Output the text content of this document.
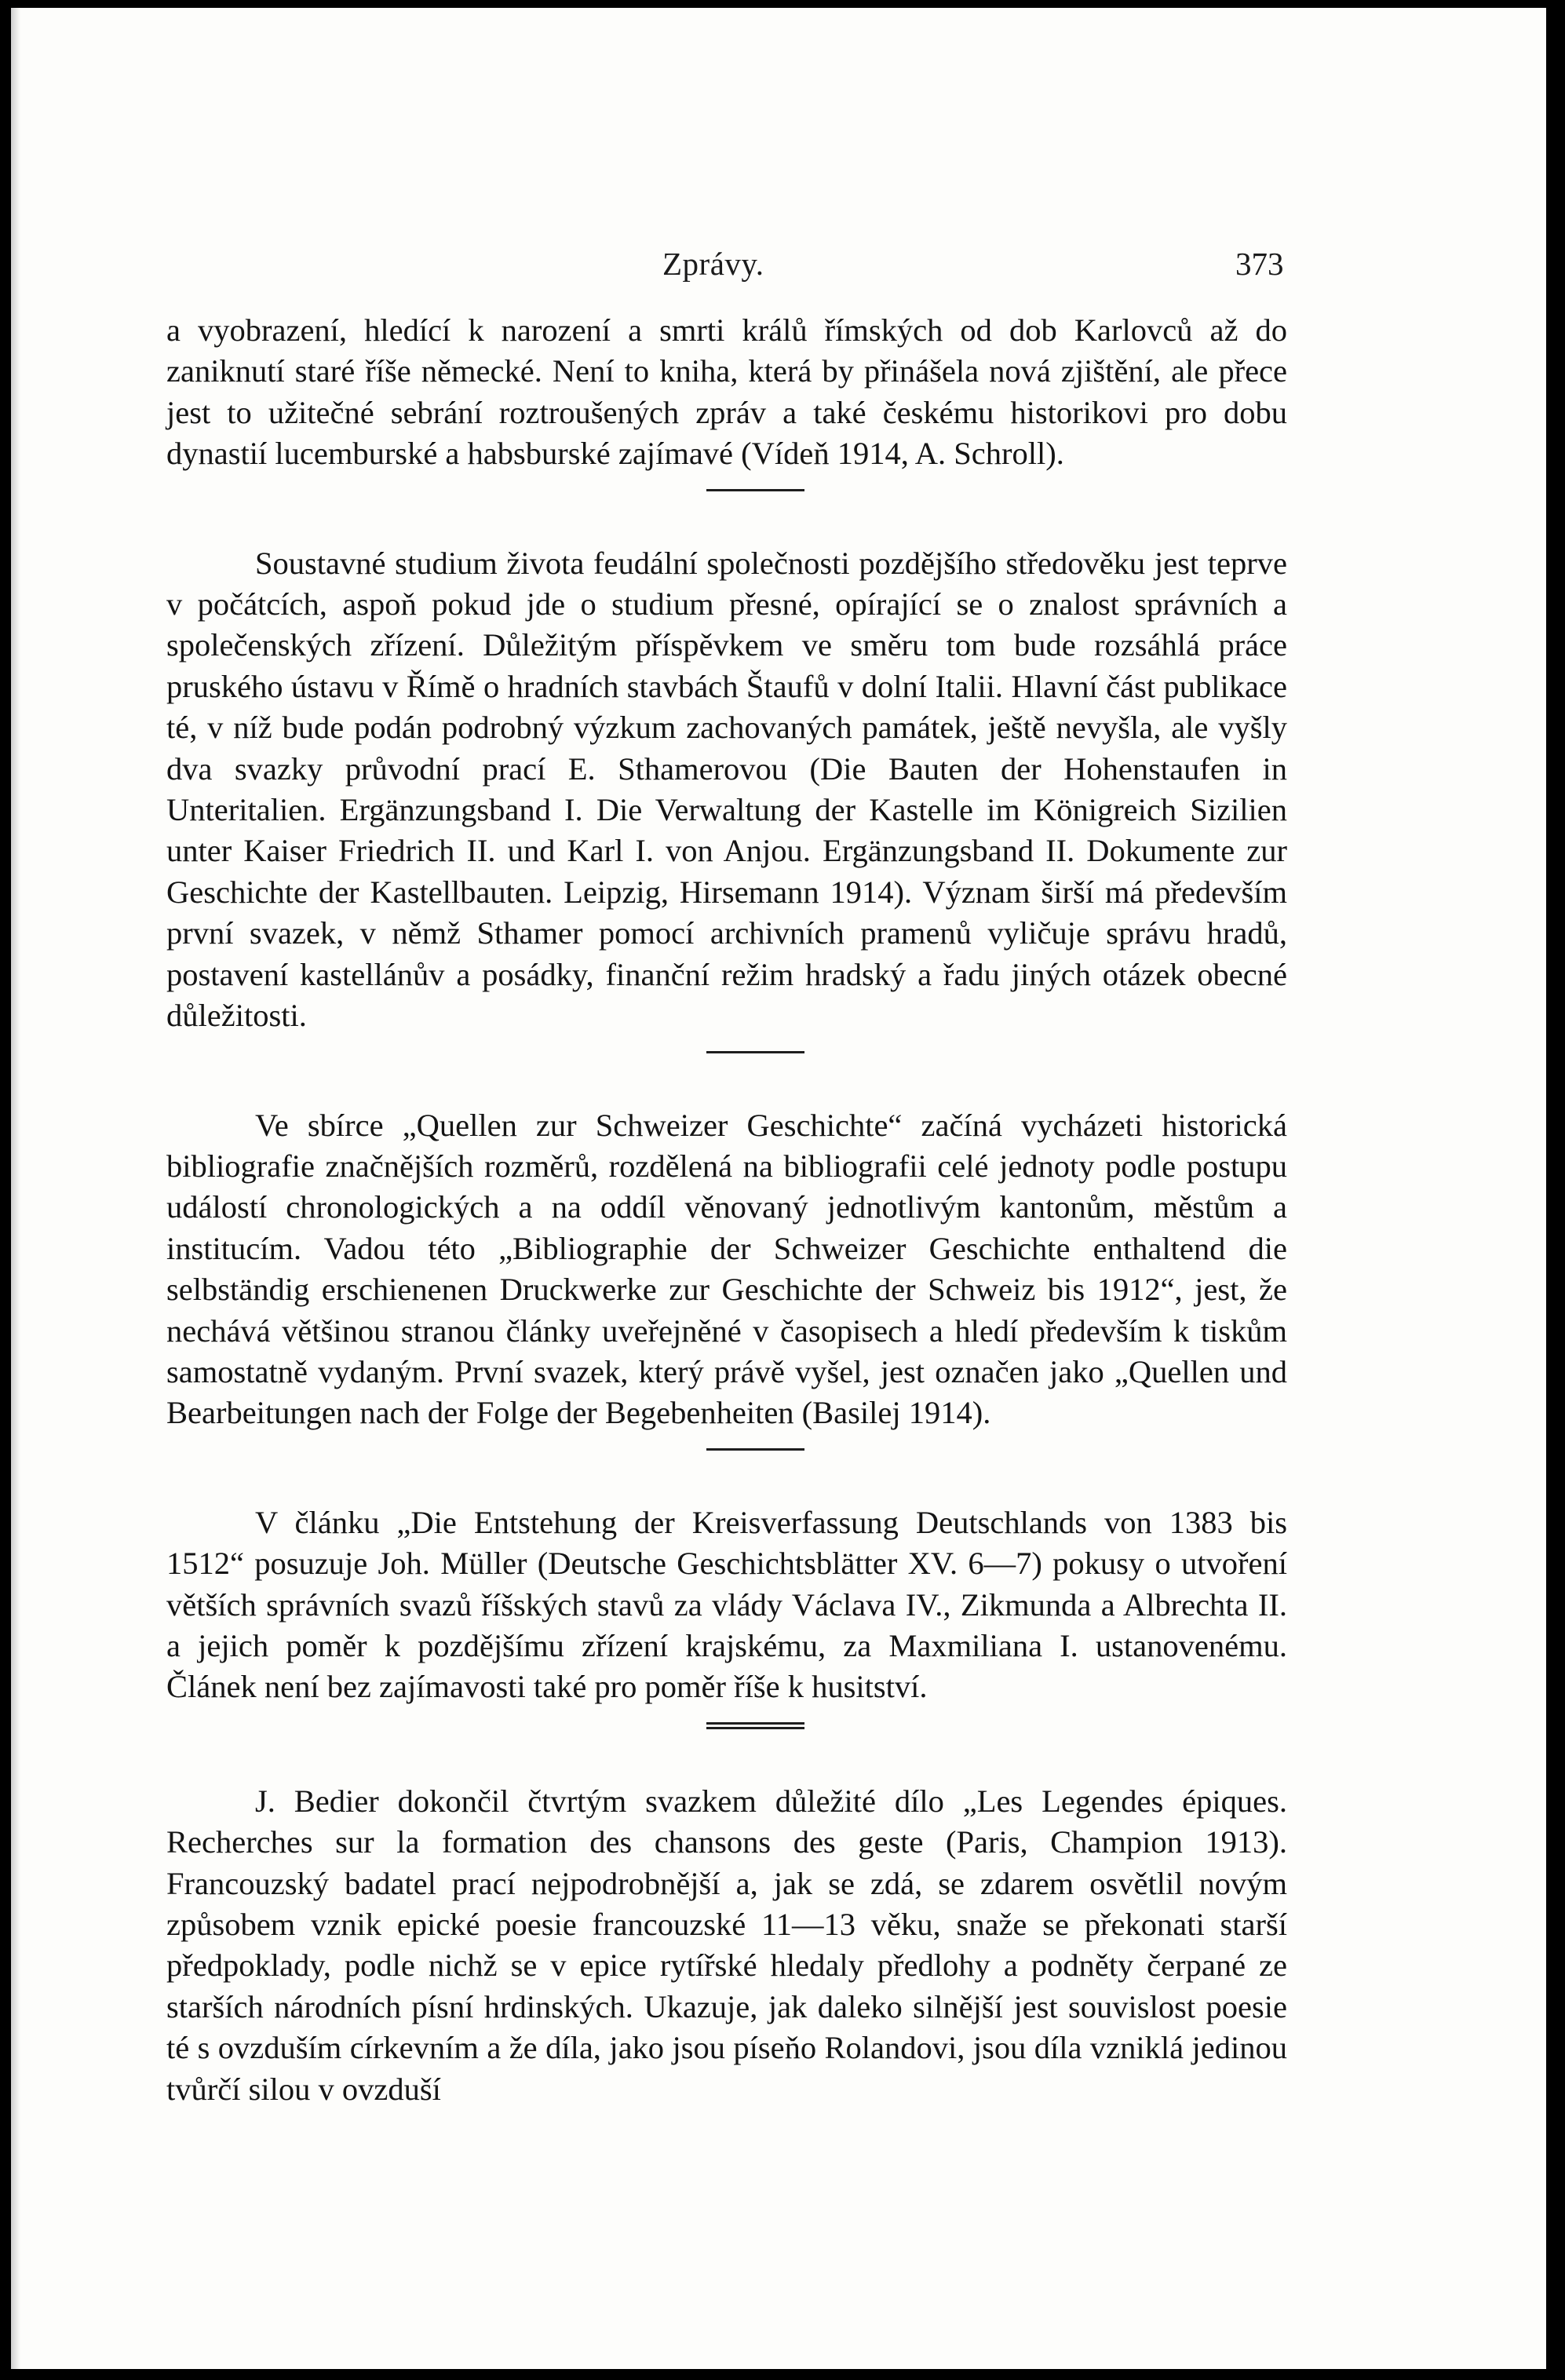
Zprávy.	373

a vyobrazení, hledící k narození a smrti králů římských od dob Karlovců až do zaniknutí staré říše německé. Není to kniha, která by přinášela nová zjištění, ale přece jest to užitečné sebrání roztroušených zpráv a také českému historikovi pro dobu dynastií lucemburské a habsburské zajímavé (Vídeň 1914, A. Schroll).

Soustavné studium života feudální společnosti pozdějšího středověku jest teprve v počátcích, aspoň pokud jde o studium přesné, opírající se o znalost správních a společenských zřízení. Důležitým příspěvkem ve směru tom bude rozsáhlá práce pruského ústavu v Římě o hradních stavbách Štaufů v dolní Italii. Hlavní část publikace té, v níž bude podán podrobný výzkum zachovaných památek, ještě nevyšla, ale vyšly dva svazky průvodní prací E. Sthamerovou (Die Bauten der Hohenstaufen in Unteritalien. Ergänzungsband I. Die Verwaltung der Kastelle im Königreich Sizilien unter Kaiser Friedrich II. und Karl I. von Anjou. Ergänzungsband II. Dokumente zur Geschichte der Kastellbauten. Leipzig, Hirsemann 1914). Význam širší má především první svazek, v němž Sthamer pomocí archivních pramenů vyličuje správu hradů, postavení kastellánův a posádky, finanční režim hradský a řadu jiných otázek obecné důležitosti.

Ve sbírce „Quellen zur Schweizer Geschichte“ začíná vycházeti historická bibliografie značnějších rozměrů, rozdělená na bibliografii celé jednoty podle postupu událostí chronologických a na oddíl věnovaný jednotlivým kantonům, městům a institucím. Vadou této „Bibliographie der Schweizer Geschichte enthaltend die selbständig erschienenen Druckwerke zur Geschichte der Schweiz bis 1912“, jest, že nechává většinou stranou články uveřejněné v časopisech a hledí především k tiskům samostatně vydaným. První svazek, který právě vyšel, jest označen jako „Quellen und Bearbeitungen nach der Folge der Begebenheiten (Basilej 1914).

V článku „Die Entstehung der Kreisverfassung Deutschlands von 1383 bis 1512“ posuzuje Joh. Müller (Deutsche Geschichtsblätter XV. 6—7) pokusy o utvoření větších správních svazů říšských stavů za vlády Václava IV., Zikmunda a Albrechta II. a jejich poměr k pozdějšímu zřízení krajskému, za Maxmiliana I. ustanovenému. Článek není bez zajímavosti také pro poměr říše k husitství.

J. Bedier dokončil čtvrtým svazkem důležité dílo „Les Legendes épiques. Recherches sur la formation des chansons des geste (Paris, Champion 1913). Francouzský badatel prací nejpodrobnější a, jak se zdá, se zdarem osvětlil novým způsobem vznik epické poesie francouzské 11—13 věku, snaže se překonati starší předpoklady, podle nichž se v epice rytířské hledaly předlohy a podněty čerpané ze starších národních písní hrdinských. Ukazuje, jak daleko silnější jest souvislost poesie té s ovzduším církevním a že díla, jako jsou píseňo Rolandovi, jsou díla vzniklá jedinou tvůrčí silou v ovzduší
